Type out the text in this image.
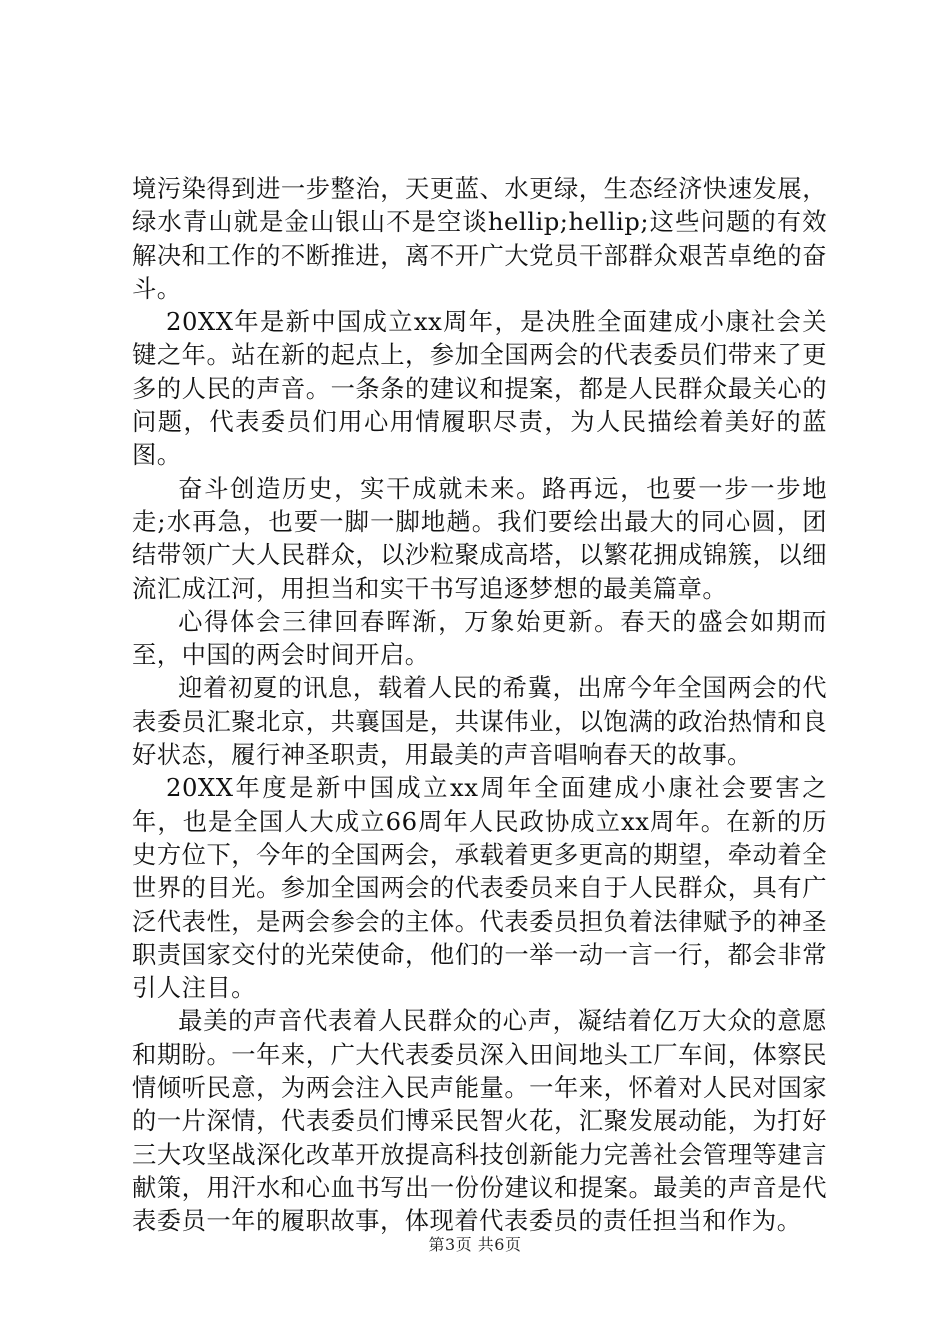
境污染得到进一步整治，天更蓝、水更绿，生态经济快速发展，绿水青山就是金山银山不是空谈hellip;hellip;这些问题的有效解决和工作的不断推进，离不开广大党员干部群众艰苦卓绝的奋斗。

20XX年是新中国成立xx周年，是决胜全面建成小康社会关键之年。站在新的起点上，参加全国两会的代表委员们带来了更多的人民的声音。一条条的建议和提案，都是人民群众最关心的问题，代表委员们用心用情履职尽责，为人民描绘着美好的蓝图。

奋斗创造历史，实干成就未来。路再远，也要一步一步地走;水再急，也要一脚一脚地趟。我们要绘出最大的同心圆，团结带领广大人民群众，以沙粒聚成高塔，以繁花拥成锦簇，以细流汇成江河，用担当和实干书写追逐梦想的最美篇章。

心得体会三律回春晖渐，万象始更新。春天的盛会如期而至，中国的两会时间开启。

迎着初夏的讯息，载着人民的希冀，出席今年全国两会的代表委员汇聚北京，共襄国是，共谋伟业，以饱满的政治热情和良好状态，履行神圣职责，用最美的声音唱响春天的故事。

20XX年度是新中国成立xx周年全面建成小康社会要害之年，也是全国人大成立66周年人民政协成立xx周年。在新的历史方位下，今年的全国两会，承载着更多更高的期望，牵动着全世界的目光。参加全国两会的代表委员来自于人民群众，具有广泛代表性，是两会参会的主体。代表委员担负着法律赋予的神圣职责国家交付的光荣使命，他们的一举一动一言一行，都会非常引人注目。

最美的声音代表着人民群众的心声，凝结着亿万大众的意愿和期盼。一年来，广大代表委员深入田间地头工厂车间，体察民情倾听民意，为两会注入民声能量。一年来，怀着对人民对国家的一片深情，代表委员们博采民智火花，汇聚发展动能，为打好三大攻坚战深化改革开放提高科技创新能力完善社会管理等建言献策，用汗水和心血书写出一份份建议和提案。最美的声音是代表委员一年的履职故事，体现着代表委员的责任担当和作为。

第3页 共6页
